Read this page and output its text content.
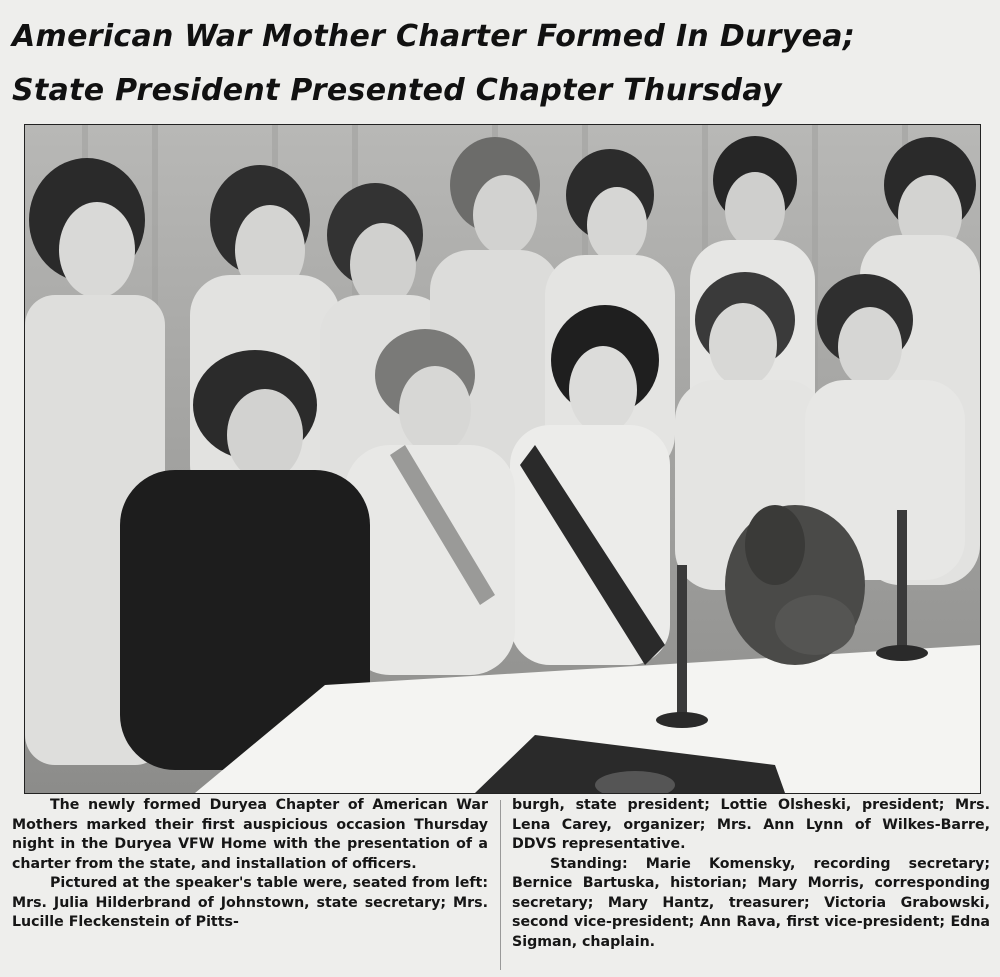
American War Mother Charter Formed In Duryea;
State President Presented Chapter Thursday

The newly formed Duryea Chapter of American War Mothers marked their first auspicious occasion Thursday night in the Duryea VFW Home with the presentation of a charter from the state, and installation of officers.

Pictured at the speaker's table were, seated from left: Mrs. Julia Hilderbrand of Johnstown, state secretary; Mrs. Lucille Fleckenstein of Pitts-

burgh, state president; Lottie Olsheski, president; Mrs. Lena Carey, organizer; Mrs. Ann Lynn of Wilkes-Barre, DDVS representative.

Standing: Marie Komensky, recording secretary; Bernice Bartuska, historian; Mary Morris, corresponding secretary; Mary Hantz, treasurer; Victoria Grabowski, second vice-president; Ann Rava, first vice-president; Edna Sigman, chaplain.
